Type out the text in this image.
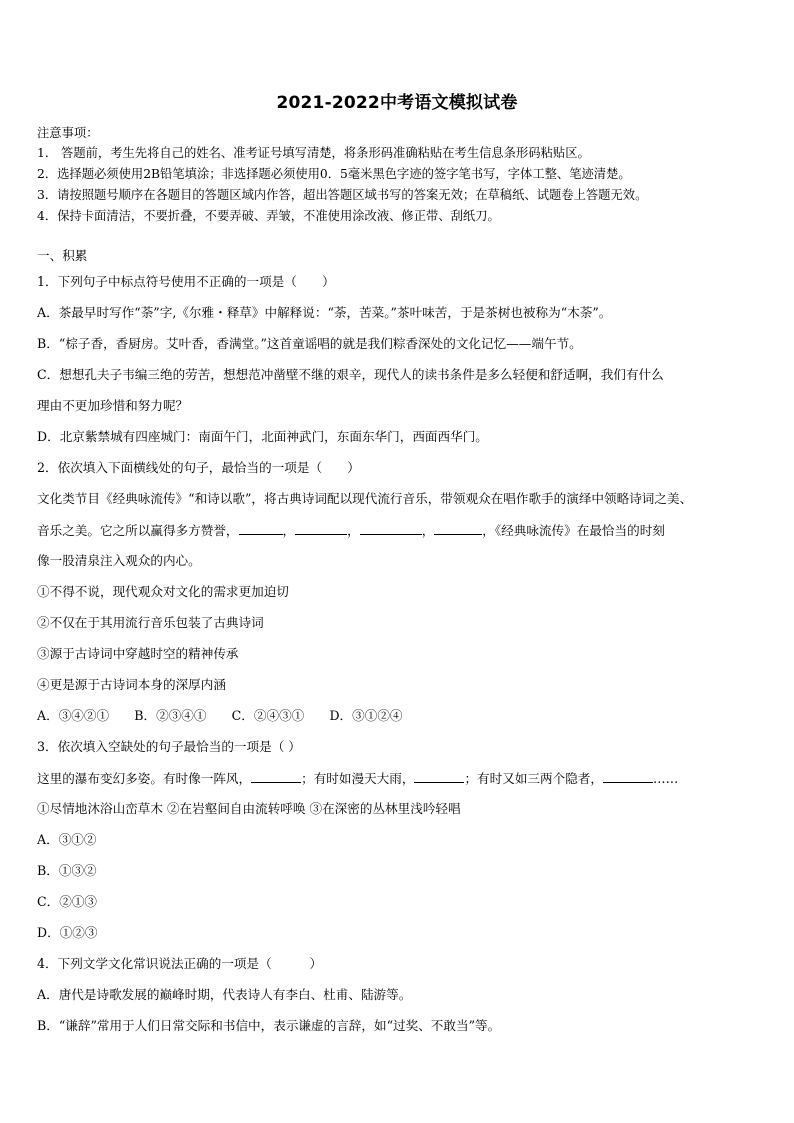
2021-2022中考语文模拟试卷
注意事项：
1． 答题前，考生先将自己的姓名、准考证号填写清楚，将条形码准确粘贴在考生信息条形码粘贴区。
2．选择题必须使用2B铅笔填涂；非选择题必须使用0．5毫米黑色字迹的签字笔书写，字体工整、笔迹清楚。
3．请按照题号顺序在各题目的答题区域内作答，超出答题区域书写的答案无效；在草稿纸、试题卷上答题无效。
4．保持卡面清洁，不要折叠，不要弄破、弄皱，不准使用涂改液、修正带、刮纸刀。
一、积累
1．下列句子中标点符号使用不正确的一项是（　　）
A．茶最早时写作“荼”字,《尔雅・释草》中解释说：“荼，苦菜。”茶叶味苦，于是茶树也被称为“木荼”。
B．“棕子香，香厨房。艾叶香，香满堂。”这首童谣唱的就是我们粽香深处的文化记忆——端午节。
C．想想孔夫子韦编三绝的劳苦，想想范冲凿壁不继的艰辛，现代人的读书条件是多么轻便和舒适啊，我们有什么
理由不更加珍惜和努力呢？
D．北京紫禁城有四座城门：南面午门，北面神武门，东面东华门，西面西华门。
2．依次填入下面横线处的句子，最恰当的一项是（　　）
文化类节目《经典咏流传》“和诗以歌”，将古典诗词配以现代流行音乐，带领观众在唱作歌手的演绎中领略诗词之美、
音乐之美。它之所以赢得多方赞誉，	，	，	，	，《经典咏流传》在最恰当的时刻
像一股清泉注入观众的内心。
①不得不说，现代观众对文化的需求更加迫切
②不仅在于其用流行音乐包装了古典诗词
③源于古诗词中穿越时空的精神传承
④更是源于古诗词本身的深厚内涵
A．③④②①　　B．②③④①　　C．②④③①　　D．③①②④
3．依次填入空缺处的句子最恰当的一项是（ ）
这里的瀑布变幻多姿。有时像一阵风，	；有时如漫天大雨，	；有时又如三两个隐者，	……
①尽情地沐浴山峦草木 ②在岩壑间自由流转呼唤 ③在深密的丛林里浅吟轻唱
A．③①②
B．①③②
C．②①③
D．①②③
4．下列文学文化常识说法正确的一项是（　　　）
A．唐代是诗歌发展的巅峰时期，代表诗人有李白、杜甫、陆游等。
B．“谦辞”常用于人们日常交际和书信中，表示谦虚的言辞，如“过奖、不敢当”等。
